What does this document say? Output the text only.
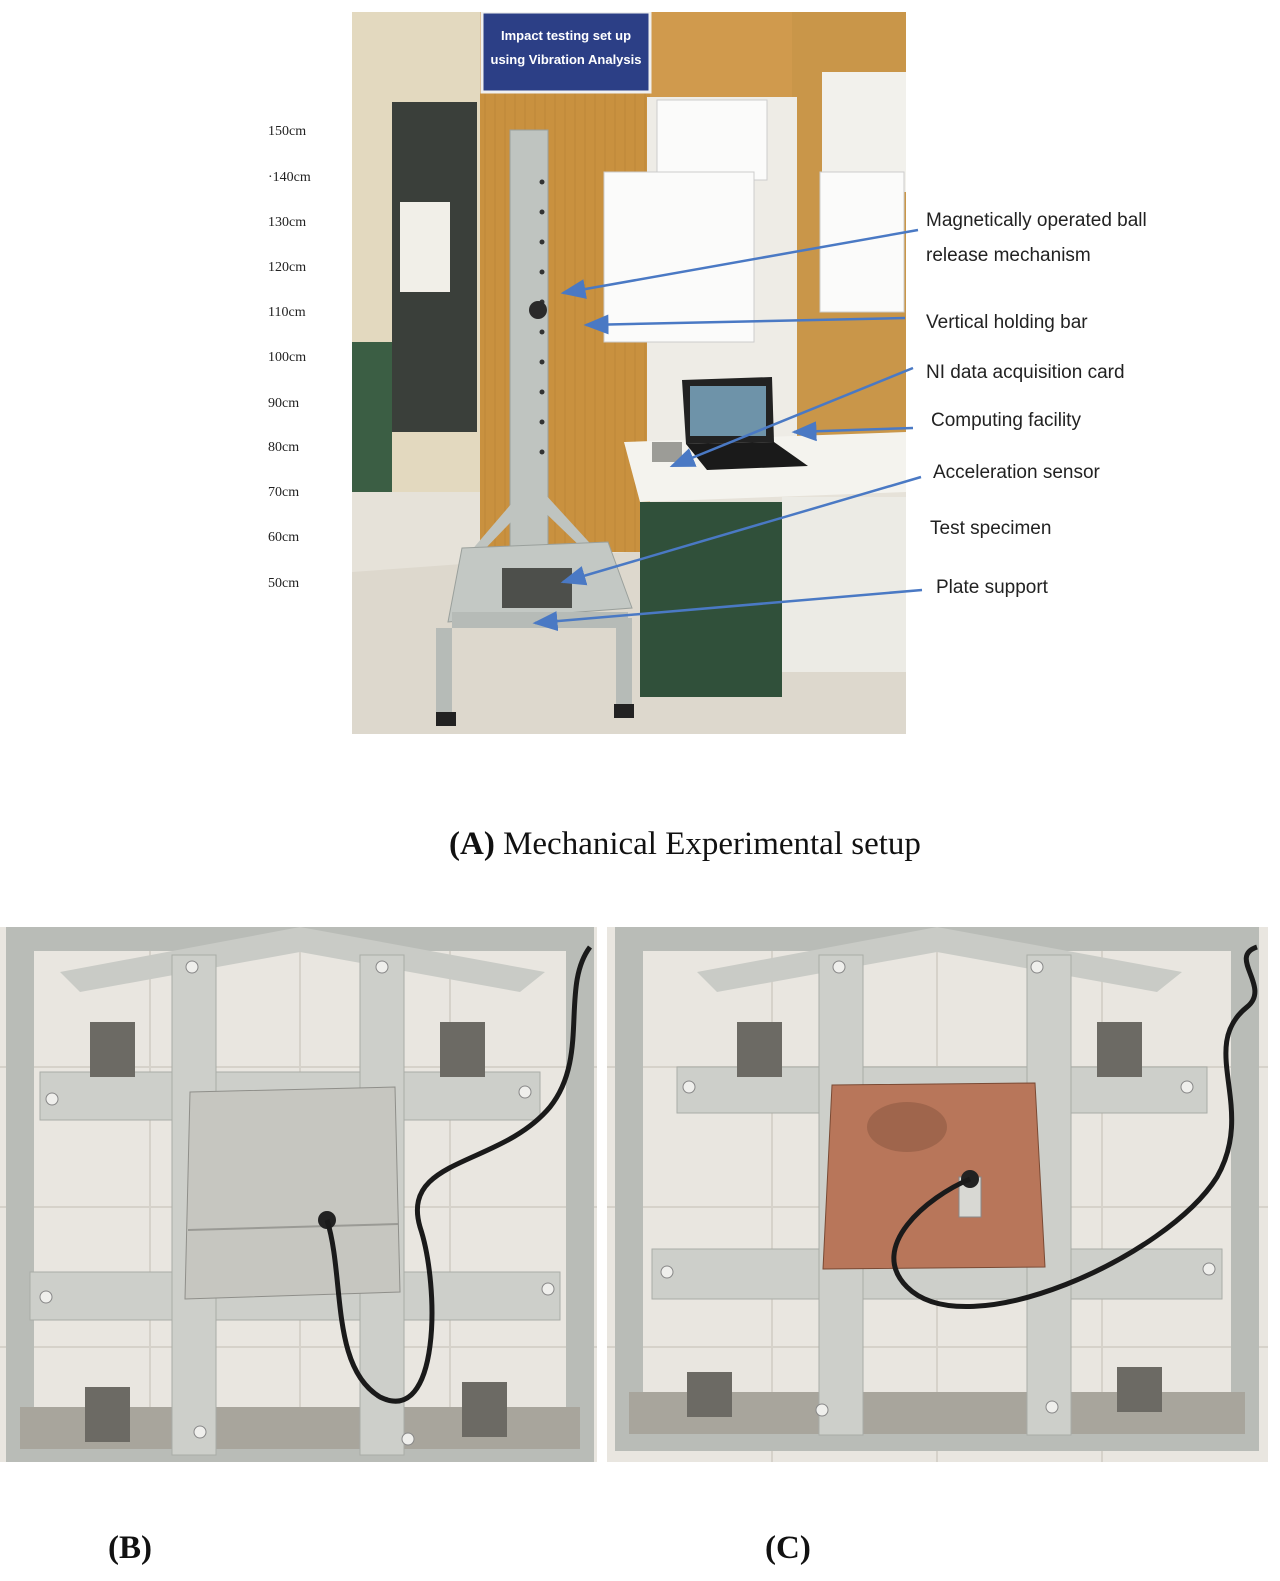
150cm
·140cm
130cm
120cm
110cm
100cm
90cm
80cm
70cm
60cm
50cm
Impact testing set up
using Vibration Analysis
Magnetically operated ball
release mechanism
Vertical holding bar
NI data acquisition card
Computing facility
Acceleration sensor
Test specimen
Plate support
(A) Mechanical Experimental setup
(B)	(C)
